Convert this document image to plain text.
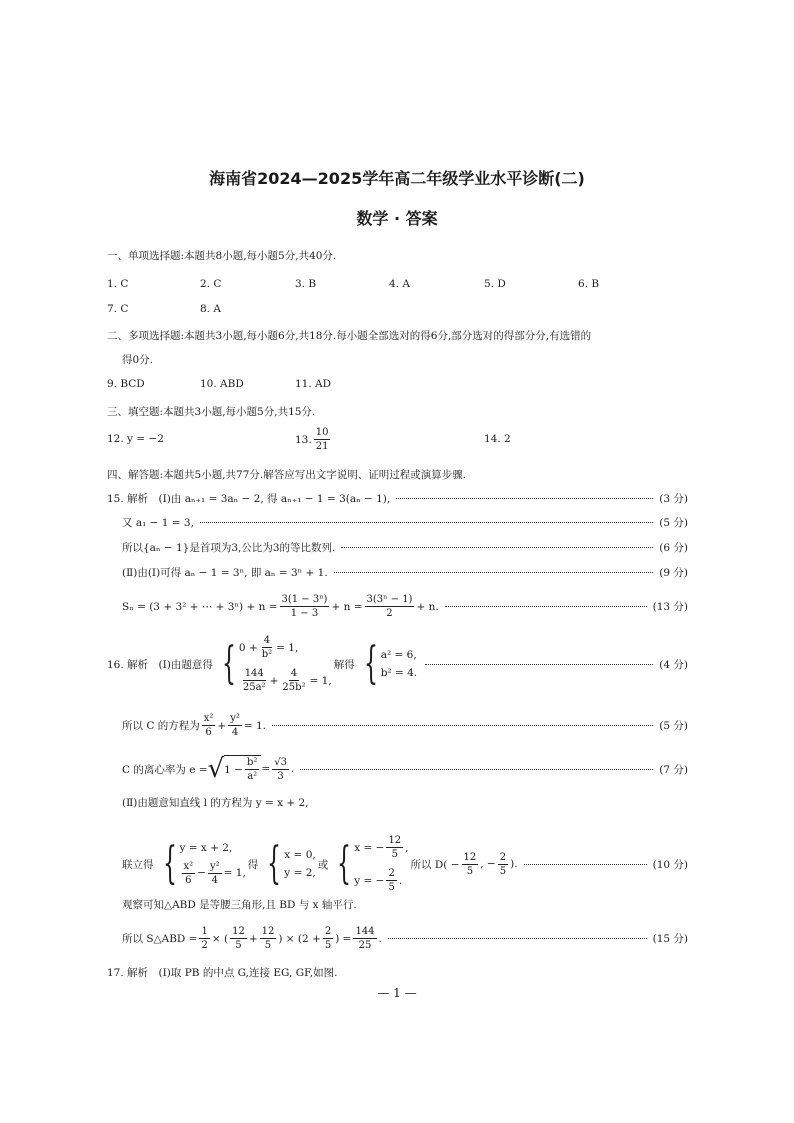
海南省2024—2025学年高二年级学业水平诊断(二)
数学 · 答案
一、单项选择题:本题共8小题,每小题5分,共40分.
1. C	2. C	3. B	4. A	5. D	6. B
7. C	8. A
二、多项选择题:本题共3小题,每小题6分,共18分.每小题全部选对的得6分,部分选对的得部分分,有选错的
得0分.
9. BCD	10. ABD	11. AD
三、填空题:本题共3小题,每小题5分,共15分.
12. y = −2	13. $\frac{10}{21}$	14. 2
四、解答题:本题共5小题,共77分.解答应写出文字说明、证明过程或演算步骤.
15. 解析　(Ⅰ)由 aₙ₊₁ = 3aₙ − 2, 得 aₙ₊₁ − 1 = 3(aₙ − 1),	(3 分)
又 a₁ − 1 = 3,	(5 分)
所以{aₙ − 1}是首项为3,公比为3的等比数列.	(6 分)
(Ⅱ)由(Ⅰ)可得 aₙ − 1 = 3ⁿ, 即 aₙ = 3ⁿ + 1.	(9 分)
Sₙ = (3 + 3² + ⋯ + $3^n) + n = \frac{\text{3(1 − 3ⁿ)}}{1 - 3} + n = \frac{\text{3(3ⁿ − 1)}}{2} + n$.	(13 分)
16. 解析　(Ⅰ)由题意得 { $0 + \frac{4}{\text{b²}} = 1$,
$\frac{144}{\text{25a²}} + \frac{4}{\text{25b²}} = 1$,
解得 { a² = 6,
b² = 4.
(4 分)
所以 C 的方程为 $\frac{\text{x²}}{6} + \frac{\text{y²}}{4} = 1$.	(5 分)
C 的离心率为 e = √ $1 - \frac{\text{b²}}{\text{a²}} = \frac{√3}{3}$ .	(7 分)
(Ⅱ)由题意知直线 l 的方程为 y = x + 2,
联立得 { y = x + 2,
$\frac{\text{x²}}{6} - \frac{\text{y²}}{4} = 1$,
得 { x = 0,
y = 2,
或 { x = − $\frac{12}{5}$ ,
y = − $\frac{2}{5}$ .
所以 $D( - \frac{12}{5}$ , − $\frac{2}{5}$ ).	(10 分)
观察可知△ABD 是等腰三角形,且 BD 与 x 轴平行.
所以 S△ABD = $\frac{1}{2}$ × ( $\frac{12}{5} + \frac{12}{5}$ ) × ($2 + \frac{2}{5}$ ) = $\frac{144}{25}$ .	(15 分)
17. 解析　(Ⅰ)取 PB 的中点 G,连接 EG, GF,如图.
— 1 —
